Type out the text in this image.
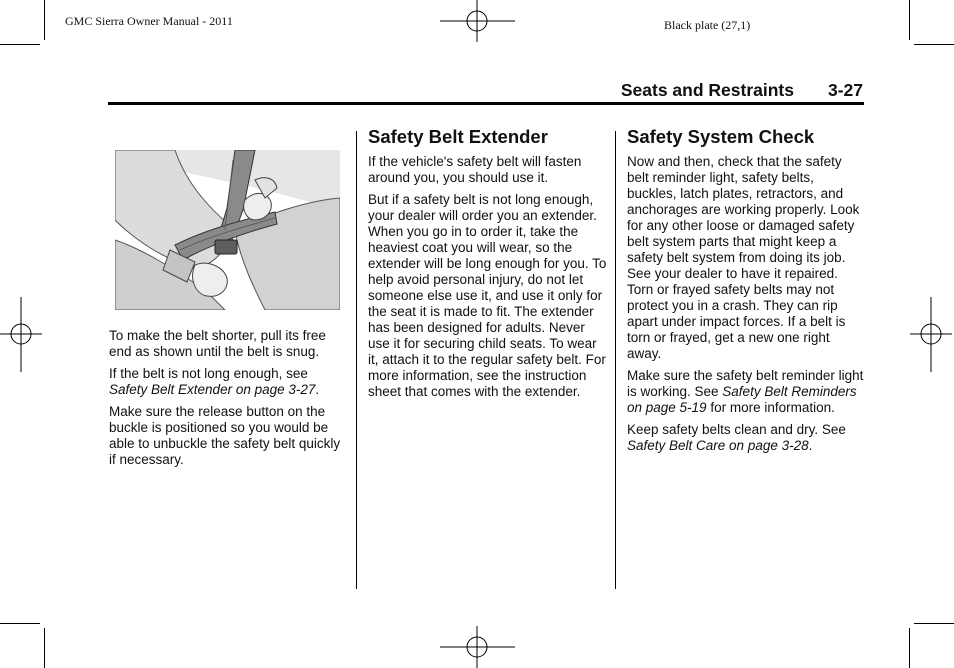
GMC Sierra Owner Manual - 2011	Black plate (27,1)
Seats and Restraints 3-27

To make the belt shorter, pull its free end as shown until the belt is snug.

If the belt is not long enough, see Safety Belt Extender on page 3-27.

Make sure the release button on the buckle is positioned so you would be able to unbuckle the safety belt quickly if necessary.

Safety Belt Extender

If the vehicle's safety belt will fasten around you, you should use it.

But if a safety belt is not long enough, your dealer will order you an extender. When you go in to order it, take the heaviest coat you will wear, so the extender will be long enough for you. To help avoid personal injury, do not let someone else use it, and use it only for the seat it is made to fit. The extender has been designed for adults. Never use it for securing child seats. To wear it, attach it to the regular safety belt. For more information, see the instruction sheet that comes with the extender.

Safety System Check

Now and then, check that the safety belt reminder light, safety belts, buckles, latch plates, retractors, and anchorages are working properly. Look for any other loose or damaged safety belt system parts that might keep a safety belt system from doing its job. See your dealer to have it repaired. Torn or frayed safety belts may not protect you in a crash. They can rip apart under impact forces. If a belt is torn or frayed, get a new one right away.

Make sure the safety belt reminder light is working. See Safety Belt Reminders on page 5-19 for more information.

Keep safety belts clean and dry. See Safety Belt Care on page 3-28.
